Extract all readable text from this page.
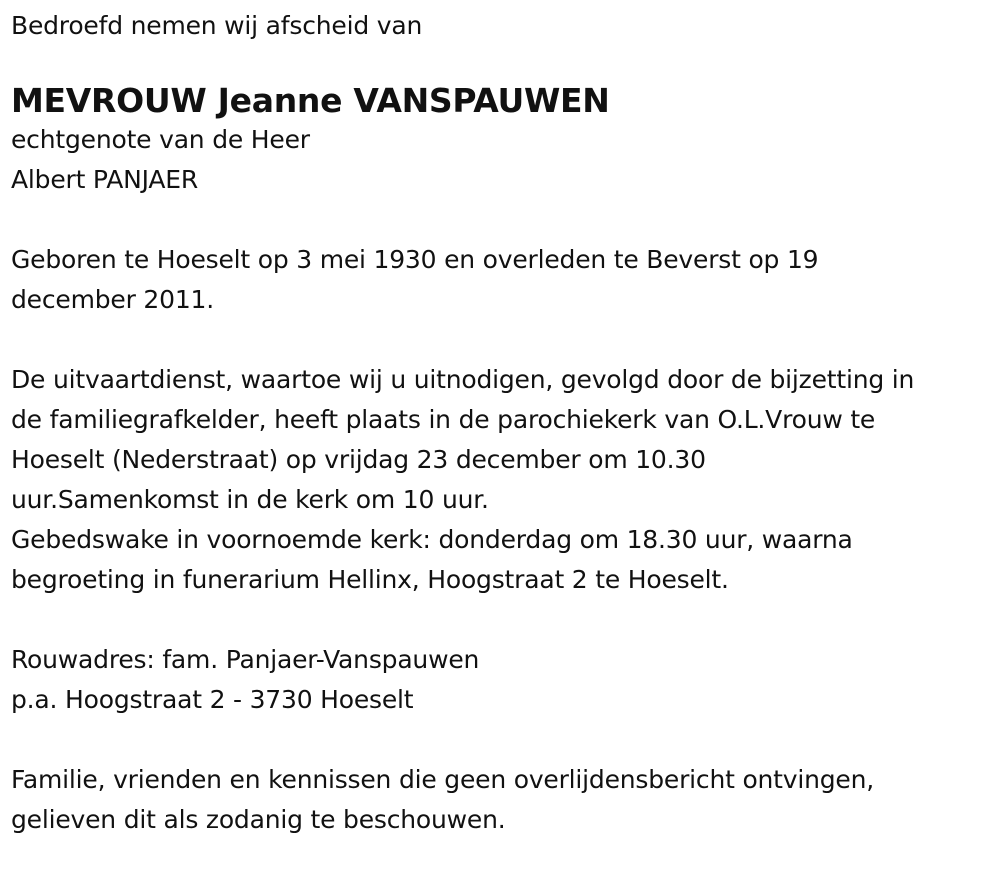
Bedroefd nemen wij afscheid van
MEVROUW Jeanne VANSPAUWEN
echtgenote van de Heer
Albert PANJAER
Geboren te Hoeselt op 3 mei 1930 en overleden te Beverst op 19
december 2011.
De uitvaartdienst, waartoe wij u uitnodigen, gevolgd door de bijzetting in
de familiegrafkelder, heeft plaats in de parochiekerk van O.L.Vrouw te
Hoeselt (Nederstraat) op vrijdag 23 december om 10.30
uur.Samenkomst in de kerk om 10 uur.
Gebedswake in voornoemde kerk: donderdag om 18.30 uur, waarna
begroeting in funerarium Hellinx, Hoogstraat 2 te Hoeselt.
Rouwadres: fam. Panjaer-Vanspauwen
p.a. Hoogstraat 2 - 3730 Hoeselt
Familie, vrienden en kennissen die geen overlijdensbericht ontvingen,
gelieven dit als zodanig te beschouwen.
